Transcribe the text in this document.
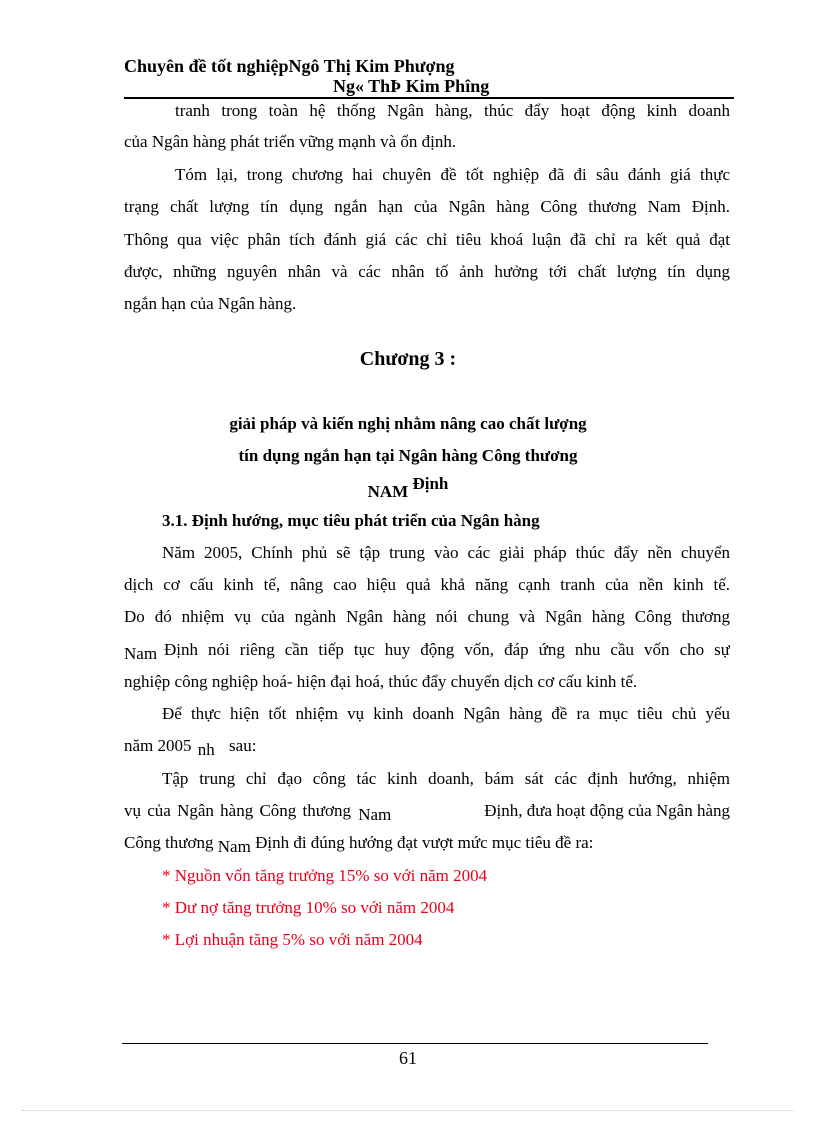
Chuyên đề tốt nghiệpNgô Thị Kim Phượng
Ng« ThÞ Kim Phîng
tranh trong toàn hệ thống Ngân hàng, thúc đẩy hoạt động kinh doanh
của Ngân hàng phát triển vững mạnh và ổn định.
Tóm lại, trong chương hai chuyên đề tốt nghiệp đã đi sâu đánh giá thực
trạng chất lượng tín dụng ngắn hạn của Ngân hàng Công thương Nam Định.
Thông qua việc phân tích đánh giá các chỉ tiêu khoá luận đã chỉ ra kết quả đạt
được, những nguyên nhân và các nhân tố ảnh hưởng tới chất lượng tín dụng
ngắn hạn của Ngân hàng.
Chương 3 :
giải pháp và kiến nghị nhằm nâng cao chất lượng
tín dụng ngắn hạn tại Ngân hàng Công thương
NAM Định
3.1. Định hướng, mục tiêu phát triển của Ngân hàng
Năm 2005, Chính phủ sẽ tập trung vào các giải pháp thúc đẩy nền chuyển
dịch cơ cấu kinh tế, nâng cao hiệu quả khả năng cạnh tranh của nền kinh tế.
Do đó nhiệm vụ của ngành Ngân hàng nói chung và Ngân hàng Công thương
Nam Định nói riêng cần tiếp tục huy động vốn, đáp ứng nhu cầu vốn cho sự
nghiệp công nghiệp hoá- hiện đại hoá, thúc đẩy chuyển dịch cơ cấu kinh tế.
Để thực hiện tốt nhiệm vụ kinh doanh Ngân hàng đề ra mục tiêu chủ yếu
năm 2005 nh sau:
Tập trung chỉ đạo công tác kinh doanh, bám sát các định hướng, nhiệm
vụ của Ngân hàng Công thương Nam	Định, đưa hoạt động của Ngân hàng
Công thương Nam Định đi đúng hướng đạt vượt mức mục tiêu đề ra:
* Nguồn vốn tăng trưởng 15% so với năm 2004
* Dư nợ tăng trưởng 10% so với năm 2004
* Lợi nhuận tăng 5% so với năm 2004
61
